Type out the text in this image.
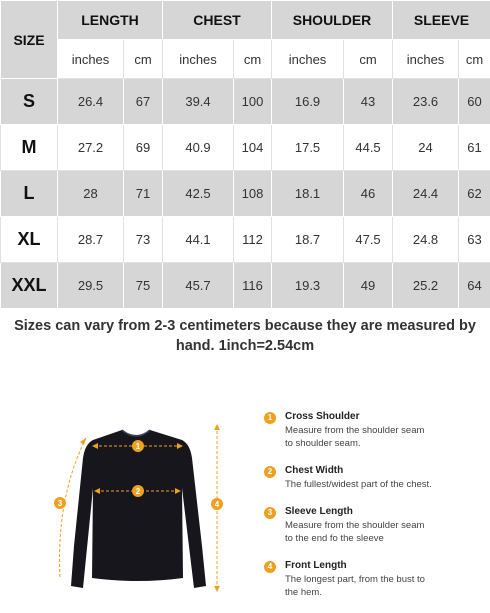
SIZE	LENGTH		CHEST		SHOULDER		SLEEVE	
	inches	cm	inches	cm	inches	cm	inches	cm
S	26.4	67	39.4	100	16.9	43	23.6	60
M	27.2	69	40.9	104	17.5	44.5	24	61
L	28	71	42.5	108	18.1	46	24.4	62
XL	28.7	73	44.1	112	18.7	47.5	24.8	63
XXL	29.5	75	45.7	116	19.3	49	25.2	64
Sizes can vary from 2-3 centimeters because they are measured by
hand. 1inch=2.54cm
1
2
3	4
1	Cross Shoulder
Measure from the shoulder seam
to shoulder seam.
2	Chest Width
The fullest/widest part of the chest.
3	Sleeve Length
Measure from the shoulder seam
to the end fo the sleeve
4	Front Length
The longest part, from the bust to
the hem.
